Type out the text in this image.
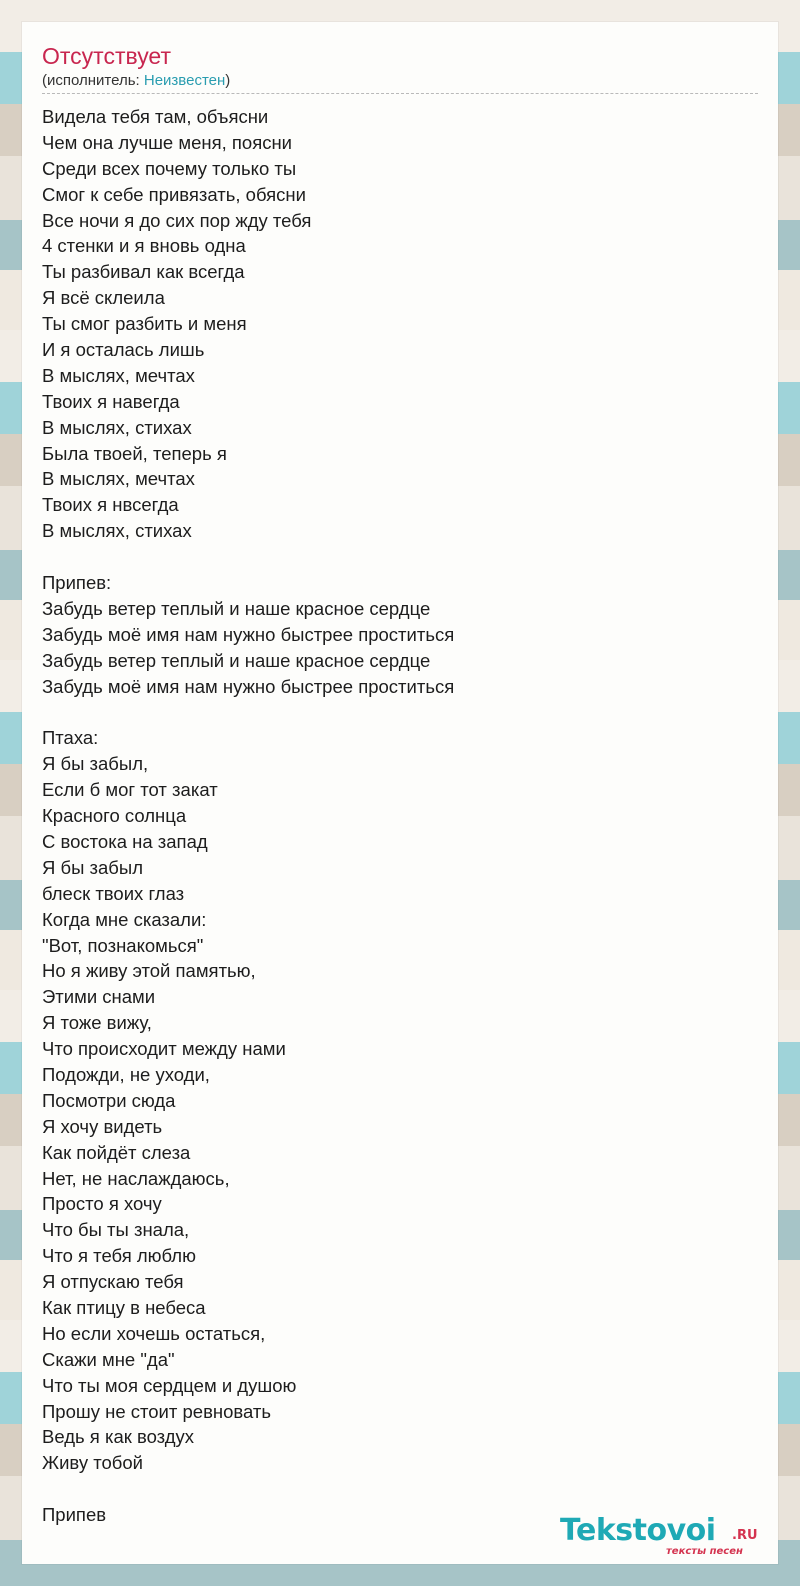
Отсутствует
(исполнитель: Неизвестен)
Видела тебя там, объясни
Чем она лучше меня, поясни
Среди всех почему только ты
Смог к себе привязать, обясни
Все ночи я до сих пор жду тебя
4 стенки и я вновь одна
Ты разбивал как всегда
Я всё склеила
Ты смог разбить и меня
И я осталась лишь
В мыслях, мечтах
Твоих я навегда
В мыслях, стихах
Была твоей, теперь я
В мыслях, мечтах
Твоих я нвсегда
В мыслях, стихах
Припев:
Забудь ветер теплый и наше красное сердце
Забудь моё имя нам нужно быстрее проститься
Забудь ветер теплый и наше красное сердце
Забудь моё имя нам нужно быстрее проститься
Птаха:
Я бы забыл,
Если б мог тот закат
Красного солнца
С востока на запад
Я бы забыл
блеск твоих глаз
Когда мне сказали:
"Вот, познакомься"
Но я живу этой памятью,
Этими снами
Я тоже вижу,
Что происходит между нами
Подожди, не уходи,
Посмотри сюда
Я хочу видеть
Как пойдёт слеза
Нет, не наслаждаюсь,
Просто я хочу
Что бы ты знала,
Что я тебя люблю
Я отпускаю тебя
Как птицу в небеса
Но если хочешь остаться,
Скажи мне "да"
Что ты моя сердцем и душою
Прошу не стоит ревновать
Ведь я как воздух
Живу тобой
Припев	Tekstovoi .RU
тексты песен
